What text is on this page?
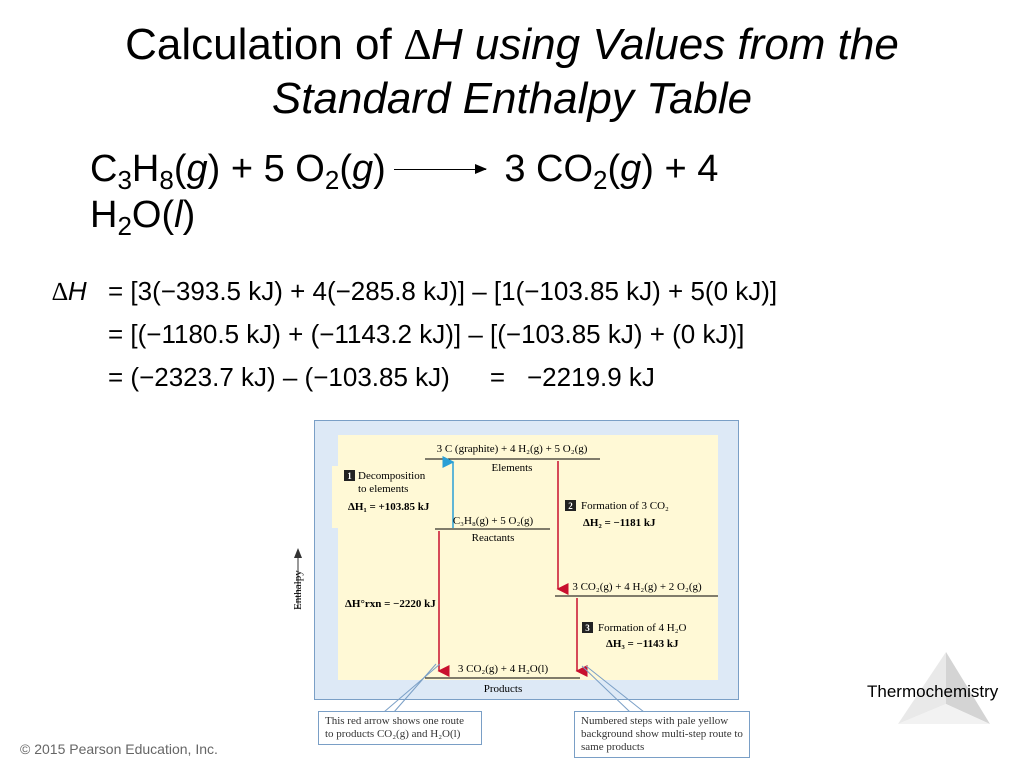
Calculation of ∆H using Values from the
Standard Enthalpy Table
$C_3H_8(g) + 5$ $O_2(g) \to 3$ $CO_2(g) + 4$
$H_2O(l)$
∆H = [3(−393.5 kJ) + 4(−285.8 kJ)] – [1(−103.85 kJ) + 5(0 kJ)]
= [(−1180.5 kJ) + (−1143.2 kJ)] – [(−103.85 kJ) + (0 kJ)]
= (−2323.7 kJ) – (−103.85 kJ) = −2219.9 kJ
3 C (graphite) + 4 H₂(g) + 5 O₂(g)
Elements
C₃H₈(g) + 5 O₂(g)
Reactants
3 CO₂(g) + 4 H₂(g) + 2 O₂(g)
3 CO₂(g) + 4 H₂O(l)
Products
1 Decomposition
to elements
ΔH₁ = +103.85 kJ	2 Formation of 3 CO₂
ΔH₂ = −1181 kJ
3 Formation of 4 H₂O
ΔH₃ = −1143 kJ
ΔH°rxn = −2220 kJ
Enthalpy
This red arrow shows one route to products CO₂(g) and H₂O(l)
Numbered steps with pale yellow background show multi-step route to same products
Thermochemistry
© 2015 Pearson Education, Inc.
